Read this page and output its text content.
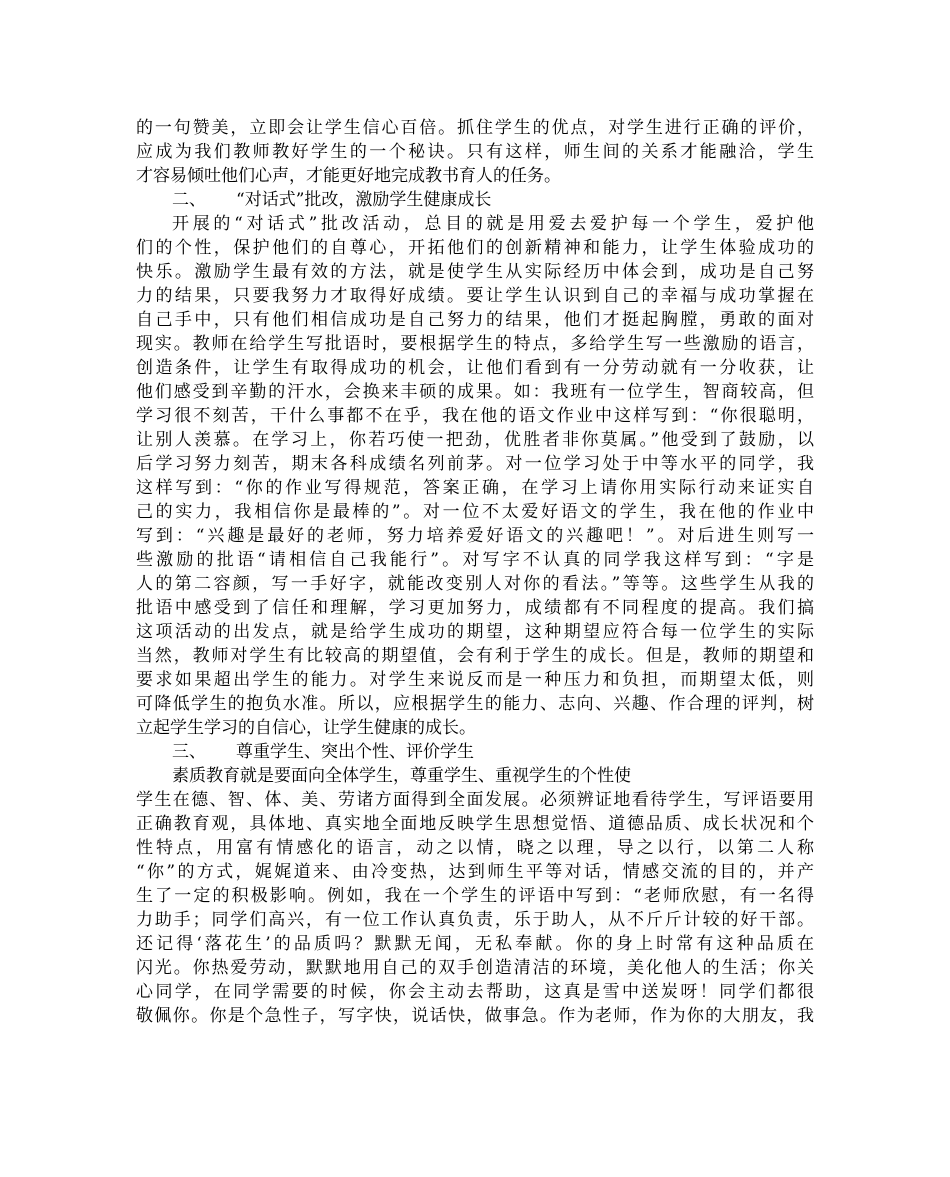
的一句赞美，立即会让学生信心百倍。抓住学生的优点，对学生进行正确的评价，
应成为我们教师教好学生的一个秘诀。只有这样，师生间的关系才能融洽，学生
才容易倾吐他们心声，才能更好地完成教书育人的任务。
二、 “对话式”批改，激励学生健康成长
开展的“对话式”批改活动，总目的就是用爱去爱护每一个学生，爱护他
们的个性，保护他们的自尊心，开拓他们的创新精神和能力，让学生体验成功的
快乐。激励学生最有效的方法，就是使学生从实际经历中体会到，成功是自己努
力的结果，只要我努力才取得好成绩。要让学生认识到自己的幸福与成功掌握在
自己手中，只有他们相信成功是自己努力的结果，他们才挺起胸膛，勇敢的面对
现实。教师在给学生写批语时，要根据学生的特点，多给学生写一些激励的语言，
创造条件，让学生有取得成功的机会，让他们看到有一分劳动就有一分收获，让
他们感受到辛勤的汗水，会换来丰硕的成果。如：我班有一位学生，智商较高，但
学习很不刻苦，干什么事都不在乎，我在他的语文作业中这样写到：“你很聪明，
让别人羡慕。在学习上，你若巧使一把劲，优胜者非你莫属。”他受到了鼓励，以
后学习努力刻苦，期末各科成绩名列前茅。对一位学习处于中等水平的同学，我
这样写到：“你的作业写得规范，答案正确，在学习上请你用实际行动来证实自
己的实力，我相信你是最棒的”。对一位不太爱好语文的学生，我在他的作业中
写到：“兴趣是最好的老师，努力培养爱好语文的兴趣吧！”。对后进生则写一
些激励的批语“请相信自己我能行”。对写字不认真的同学我这样写到：“字是
人的第二容颜，写一手好字，就能改变别人对你的看法。”等等。这些学生从我的
批语中感受到了信任和理解，学习更加努力，成绩都有不同程度的提高。我们搞
这项活动的出发点，就是给学生成功的期望，这种期望应符合每一位学生的实际
当然，教师对学生有比较高的期望值，会有利于学生的成长。但是，教师的期望和
要求如果超出学生的能力。对学生来说反而是一种压力和负担，而期望太低，则
可降低学生的抱负水准。所以，应根据学生的能力、志向、兴趣、作合理的评判，树
立起学生学习的自信心，让学生健康的成长。
三、 尊重学生、突出个性、评价学生
素质教育就是要面向全体学生，尊重学生、重视学生的个性使
学生在德、智、体、美、劳诸方面得到全面发展。必须辨证地看待学生，写评语要用
正确教育观，具体地、真实地全面地反映学生思想觉悟、道德品质、成长状况和个
性特点，用富有情感化的语言，动之以情，晓之以理，导之以行，以第二人称
“你”的方式，娓娓道来、由冷变热，达到师生平等对话，情感交流的目的，并产
生了一定的积极影响。例如，我在一个学生的评语中写到：“老师欣慰，有一名得
力助手；同学们高兴，有一位工作认真负责，乐于助人，从不斤斤计较的好干部。
还记得‘落花生’的品质吗？默默无闻，无私奉献。你的身上时常有这种品质在
闪光。你热爱劳动，默默地用自己的双手创造清洁的环境，美化他人的生活；你关
心同学，在同学需要的时候，你会主动去帮助，这真是雪中送炭呀！同学们都很
敬佩你。你是个急性子，写字快，说话快，做事急。作为老师，作为你的大朋友，我
